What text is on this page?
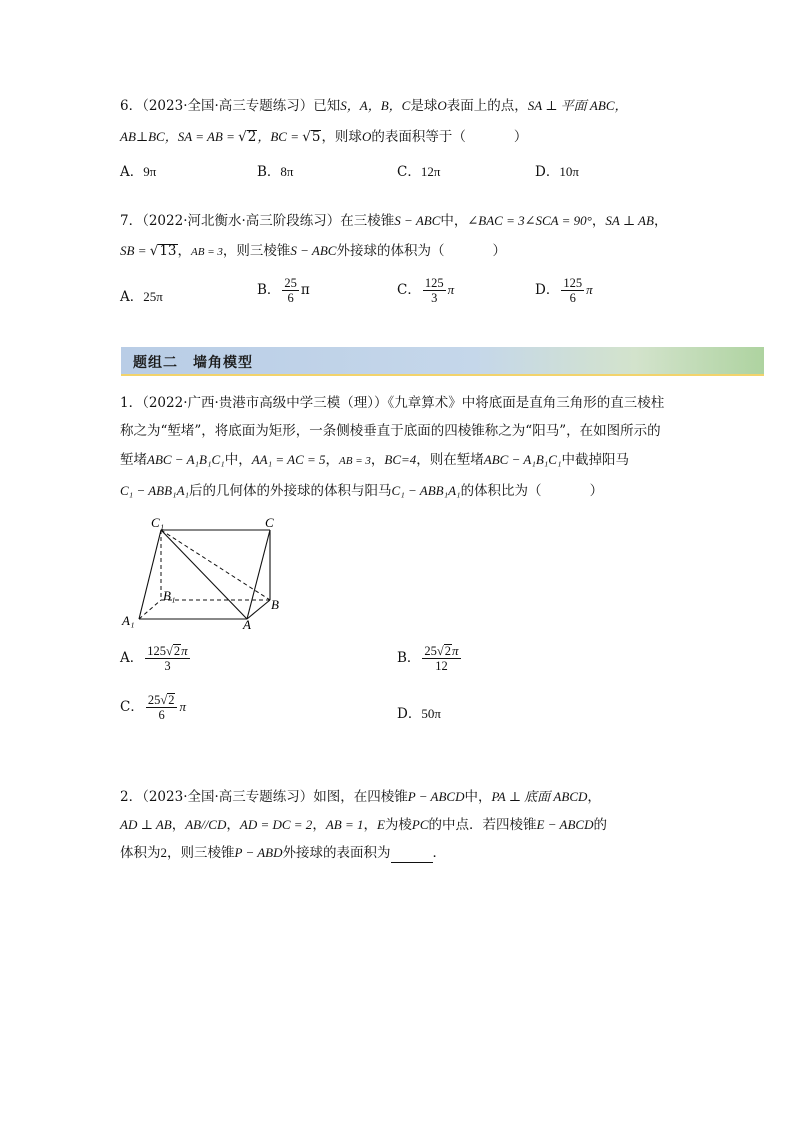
6．（2023·全国·高三专题练习）已知S，A，B，C是球O表面上的点，SA ⊥ 平面 ABC，
AB⊥BC，SA = AB = √2，BC = √5，则球O的表面积等于（	）
A．9π	B．8π	C．12π	D．10π
7．（2022·河北衡水·高三阶段练习）在三棱锥S − ABC中，∠BAC = 3∠SCA = 90°，SA ⊥ AB，
SB = √13，AB = 3，则三棱锥S − ABC外接球的体积为（	）
A．25π	B． $\frac{25}{6}$ π	C． $\frac{125}{3}$ π	D． $\frac{125}{6}$ π
题组二　墙角模型
1．（2022·广西·贵港市高级中学三模（理））《九章算术》中将底面是直角三角形的直三棱柱
称之为“堑堵”，将底面为矩形，一条侧棱垂直于底面的四棱锥称之为“阳马”，在如图所示的
堑堵ABC − A₁B₁C₁中，AA₁ = AC = 5，AB = 3，BC=4，则在堑堵ABC − A₁B₁C₁中截掉阳马
C₁ − ABB₁A₁后的几何体的外接球的体积与阳马C₁ − ABB₁A₁的体积比为（	）
C₁	C
B₁
A₁	A
B
A． $\frac{125√2\pi}{3}$	B． $\frac{25√2\pi}{12}$
C． $\frac{25√2}{6}$ π	D．50π
2．（2023·全国·高三专题练习）如图，在四棱锥P − ABCD中，PA ⊥ 底面 ABCD，
AD ⊥ AB，AB//CD，AD = DC = 2，AB = 1，E为棱PC的中点．若四棱锥E − ABCD的
体积为2，则三棱锥P − ABD外接球的表面积为	．
